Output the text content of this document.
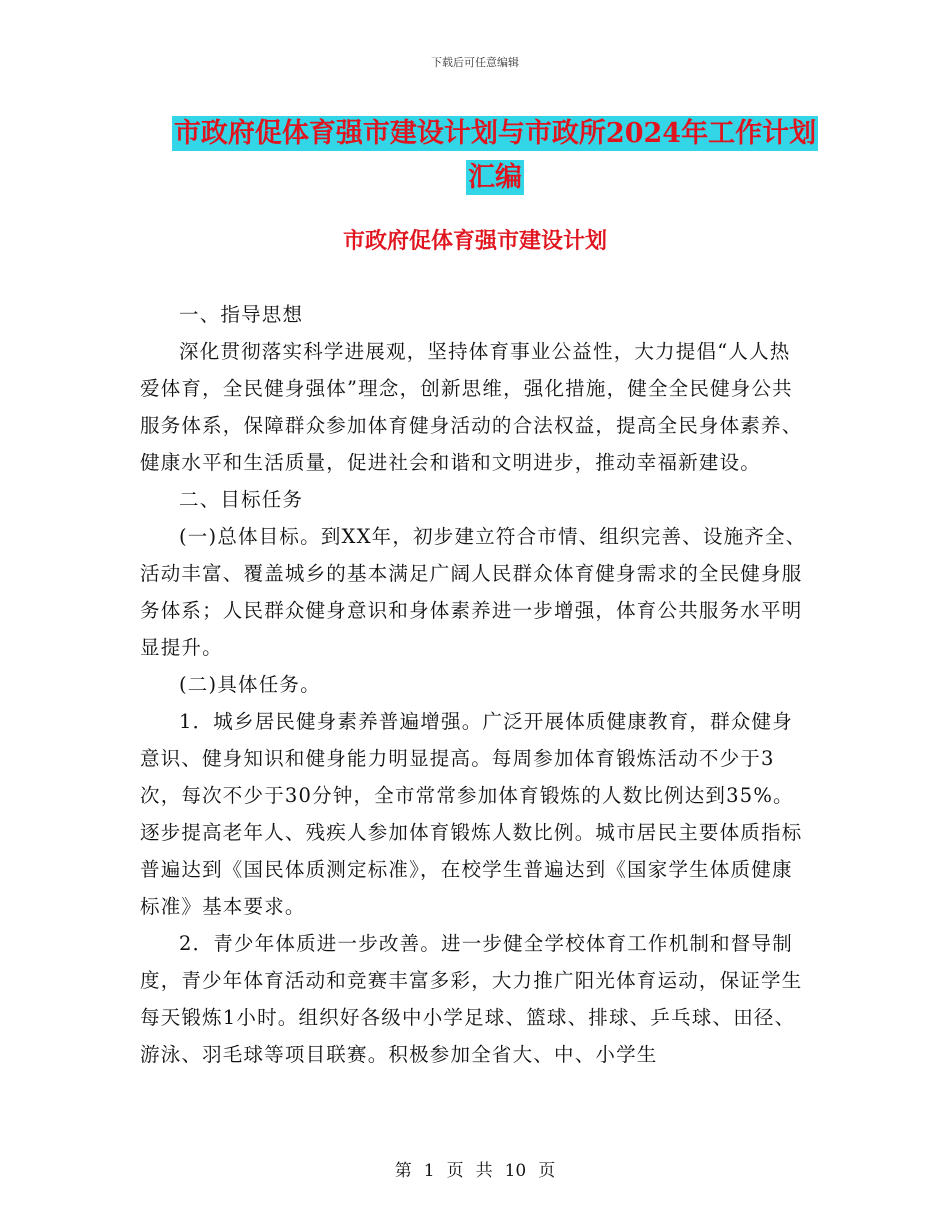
下载后可任意编辑
市政府促体育强市建设计划与市政所2024年工作计划
汇编
市政府促体育强市建设计划

一、指导思想

深化贯彻落实科学进展观，坚持体育事业公益性，大力提倡“人人热爱体育，全民健身强体”理念，创新思维，强化措施，健全全民健身公共服务体系，保障群众参加体育健身活动的合法权益，提高全民身体素养、健康水平和生活质量，促进社会和谐和文明进步，推动幸福新建设。

二、目标任务

(一)总体目标。到XX年，初步建立符合市情、组织完善、设施齐全、活动丰富、覆盖城乡的基本满足广阔人民群众体育健身需求的全民健身服务体系；人民群众健身意识和身体素养进一步增强，体育公共服务水平明显提升。

(二)具体任务。

1．城乡居民健身素养普遍增强。广泛开展体质健康教育，群众健身意识、健身知识和健身能力明显提高。每周参加体育锻炼活动不少于3次，每次不少于30分钟，全市常常参加体育锻炼的人数比例达到35%。逐步提高老年人、残疾人参加体育锻炼人数比例。城市居民主要体质指标普遍达到《国民体质测定标准》，在校学生普遍达到《国家学生体质健康标准》基本要求。

2．青少年体质进一步改善。进一步健全学校体育工作机制和督导制度，青少年体育活动和竞赛丰富多彩，大力推广阳光体育运动，保证学生每天锻炼1小时。组织好各级中小学足球、篮球、排球、乒乓球、田径、游泳、羽毛球等项目联赛。积极参加全省大、中、小学生

第 1 页 共 10 页
